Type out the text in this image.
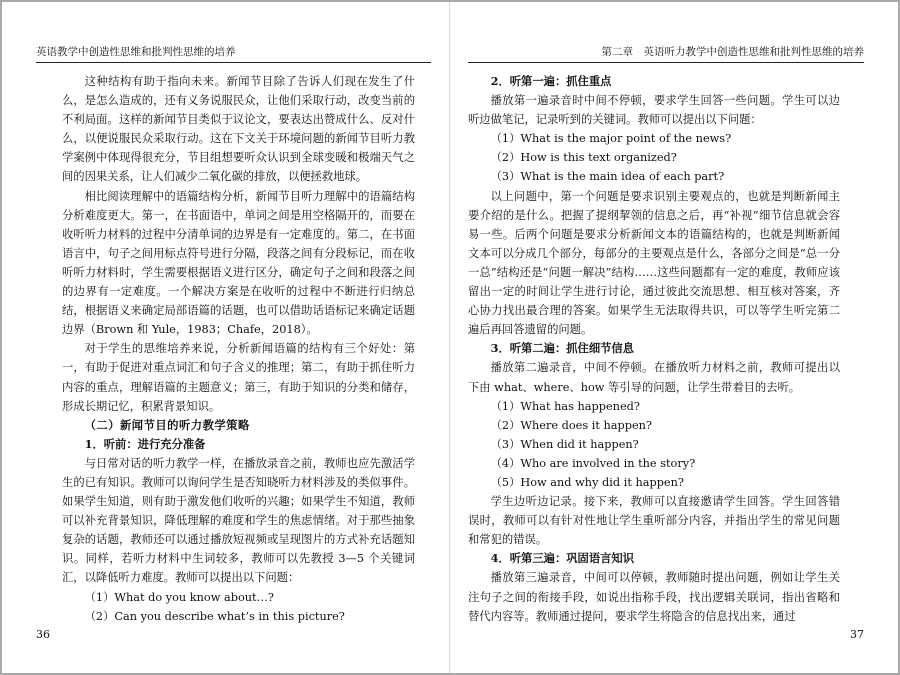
英语教学中创造性思维和批判性思维的培养

这种结构有助于指向未来。新闻节目除了告诉人们现在发生了什么，是怎么造成的，还有义务说服民众，让他们采取行动，改变当前的不利局面。这样的新闻节目类似于议论文，要表达出赞成什么、反对什么，以便说服民众采取行动。这在下文关于环境问题的新闻节目听力教学案例中体现得很充分，节目组想要听众认识到全球变暖和极端天气之间的因果关系，让人们减少二氧化碳的排放，以便拯救地球。

相比阅读理解中的语篇结构分析，新闻节目听力理解中的语篇结构分析难度更大。第一，在书面语中，单词之间是用空格隔开的，而要在收听听力材料的过程中分清单词的边界是有一定难度的。第二，在书面语言中，句子之间用标点符号进行分隔，段落之间有分段标记，而在收听听力材料时，学生需要根据语义进行区分，确定句子之间和段落之间的边界有一定难度。一个解决方案是在收听的过程中不断进行归纳总结，根据语义来确定局部语篇的话题，也可以借助话语标记来确定话题边界（Brown 和 Yule，1983；Chafe，2018）。

对于学生的思维培养来说，分析新闻语篇的结构有三个好处：第一，有助于促进对重点词汇和句子含义的推理；第二，有助于抓住听力内容的重点，理解语篇的主题意义；第三，有助于知识的分类和储存，形成长期记忆，积累背景知识。

（二）新闻节目的听力教学策略

1．听前：进行充分准备

与日常对话的听力教学一样，在播放录音之前，教师也应先激活学生的已有知识。教师可以询问学生是否知晓听力材料涉及的类似事件。如果学生知道，则有助于激发他们收听的兴趣；如果学生不知道，教师可以补充背景知识，降低理解的难度和学生的焦虑情绪。对于那些抽象复杂的话题，教师还可以通过播放短视频或呈现图片的方式补充话题知识。同样，若听力材料中生词较多，教师可以先教授 3—5 个关键词汇，以降低听力难度。教师可以提出以下问题：

（1）What do you know about…?

（2）Can you describe what’s in this picture?

36
第二章　英语听力教学中创造性思维和批判性思维的培养

2．听第一遍：抓住重点

播放第一遍录音时中间不停顿，要求学生回答一些问题。学生可以边听边做笔记，记录听到的关键词。教师可以提出以下问题：

（1）What is the major point of the news?

（2）How is this text organized?

（3）What is the main idea of each part?

以上问题中，第一个问题是要求识别主要观点的，也就是判断新闻主要介绍的是什么。把握了提纲挈领的信息之后，再“补视”细节信息就会容易一些。后两个问题是要求分析新闻文本的语篇结构的，也就是判断新闻文本可以分成几个部分，每部分的主要观点是什么，各部分之间是“总一分一总”结构还是“问题一解决”结构……这些问题都有一定的难度，教师应该留出一定的时间让学生进行讨论，通过彼此交流思想、相互核对答案，齐心协力找出最合理的答案。如果学生无法取得共识，可以等学生听完第二遍后再回答遗留的问题。

3．听第二遍：抓住细节信息

播放第二遍录音，中间不停顿。在播放听力材料之前，教师可提出以下由 what、where、how 等引导的问题，让学生带着目的去听。

（1）What has happened?

（2）Where does it happen?

（3）When did it happen?

（4）Who are involved in the story?

（5）How and why did it happen?

学生边听边记录。接下来，教师可以直接邀请学生回答。学生回答错误时，教师可以有针对性地让学生重听部分内容，并指出学生的常见问题和常犯的错误。

4．听第三遍：巩固语言知识

播放第三遍录音，中间可以停顿，教师随时提出问题，例如让学生关注句子之间的衔接手段，如说出指称手段，找出逻辑关联词，指出省略和替代内容等。教师通过提问，要求学生将隐含的信息找出来，通过

37
